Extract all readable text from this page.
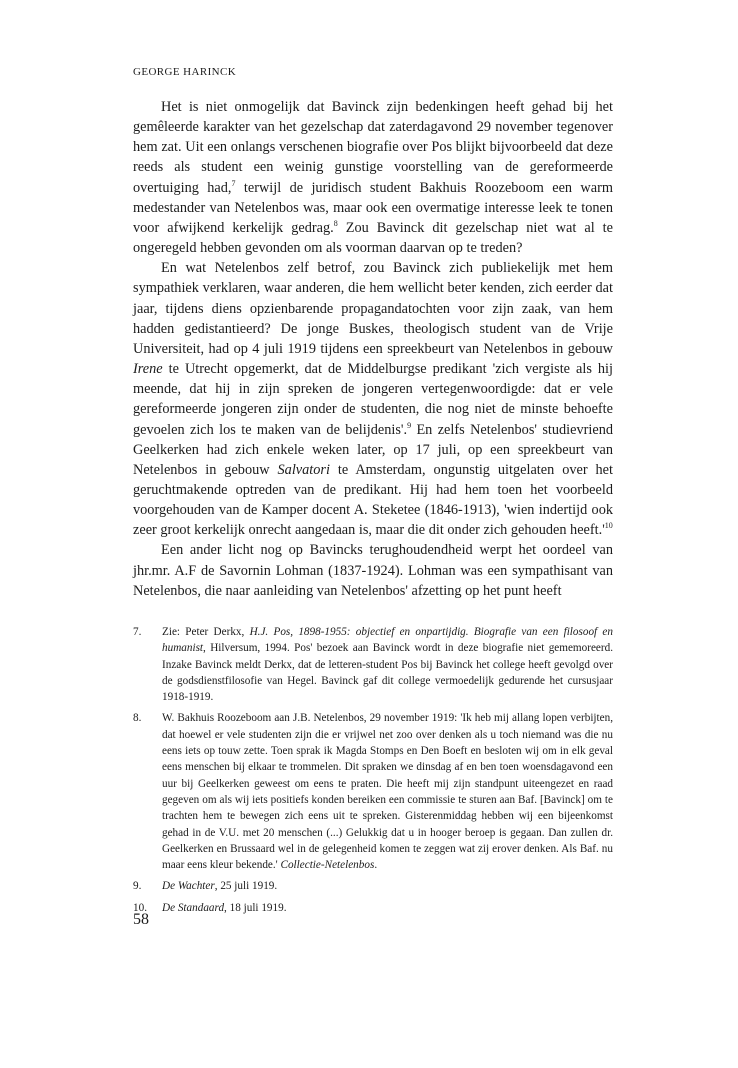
GEORGE HARINCK

Het is niet onmogelijk dat Bavinck zijn bedenkingen heeft gehad bij het gemêleerde karakter van het gezelschap dat zaterdagavond 29 november tegenover hem zat. Uit een onlangs verschenen biografie over Pos blijkt bijvoorbeeld dat deze reeds als student een weinig gunstige voorstelling van de gereformeerde overtuiging had,$^7$ terwijl de juridisch student Bakhuis Roozeboom een warm medestander van Netelenbos was, maar ook een overmatige interesse leek te tonen voor afwijkend kerkelijk gedrag.$^8$ Zou Bavinck dit gezelschap niet wat al te ongeregeld hebben gevonden om als voorman daarvan op te treden?

En wat Netelenbos zelf betrof, zou Bavinck zich publiekelijk met hem sympathiek verklaren, waar anderen, die hem wellicht beter kenden, zich eerder dat jaar, tijdens diens opzienbarende propagandatochten voor zijn zaak, van hem hadden gedistantieerd? De jonge Buskes, theologisch student van de Vrije Universiteit, had op 4 juli 1919 tijdens een spreekbeurt van Netelenbos in gebouw Irene te Utrecht opgemerkt, dat de Middelburgse predikant 'zich vergiste als hij meende, dat hij in zijn spreken de jongeren vertegenwoordigde: dat er vele gereformeerde jongeren zijn onder de studenten, die nog niet de minste behoefte gevoelen zich los te maken van de belijdenis'.$^9$ En zelfs Netelenbos' studievriend Geelkerken had zich enkele weken later, op 17 juli, op een spreekbeurt van Netelenbos in gebouw Salvatori te Amsterdam, ongunstig uitgelaten over het geruchtmakende optreden van de predikant. Hij had hem toen het voorbeeld voorgehouden van de Kamper docent A. Steketee (1846-1913), 'wien indertijd ook zeer groot kerkelijk onrecht aangedaan is, maar die dit onder zich gehouden $heeft.'^{10}$

Een ander licht nog op Bavincks terughoudendheid werpt het oordeel van jhr.mr. A.F de Savornin Lohman (1837-1924). Lohman was een sympathisant van Netelenbos, die naar aanleiding van Netelenbos' afzetting op het punt heeft

7. Zie: Peter Derkx, H.J. Pos, 1898-1955: objectief en onpartijdig. Biografie van een filosoof en humanist, Hilversum, 1994. Pos' bezoek aan Bavinck wordt in deze biografie niet gememoreerd. Inzake Bavinck meldt Derkx, dat de letteren-student Pos bij Bavinck het college heeft gevolgd over de godsdienstfilosofie van Hegel. Bavinck gaf dit college vermoedelijk gedurende het cursusjaar 1918-1919.
8. W. Bakhuis Roozeboom aan J.B. Netelenbos, 29 november 1919: 'Ik heb mij allang lopen verbijten, dat hoewel er vele studenten zijn die er vrijwel net zoo over denken als u toch niemand was die nu eens iets op touw zette. Toen sprak ik Magda Stomps en Den Boeft en besloten wij om in elk geval eens menschen bij elkaar te trommelen. Dit spraken we dinsdag af en ben toen woensdagavond een uur bij Geelkerken geweest om eens te praten. Die heeft mij zijn standpunt uiteengezet en raad gegeven om als wij iets positiefs konden bereiken een commissie te sturen aan Baf. [Bavinck] om te trachten hem te bewegen zich eens uit te spreken. Gisterenmiddag hebben wij een bijeenkomst gehad in de V.U. met 20 menschen (...) Gelukkig dat u in hooger beroep is gegaan. Dan zullen dr. Geelkerken en Brussaard wel in de gelegenheid komen te zeggen wat zij erover denken. Als Baf. nu maar eens kleur bekende.' Collectie-Netelenbos.
9. De Wachter, 25 juli 1919.
10. De Standaard, 18 juli 1919.
58
